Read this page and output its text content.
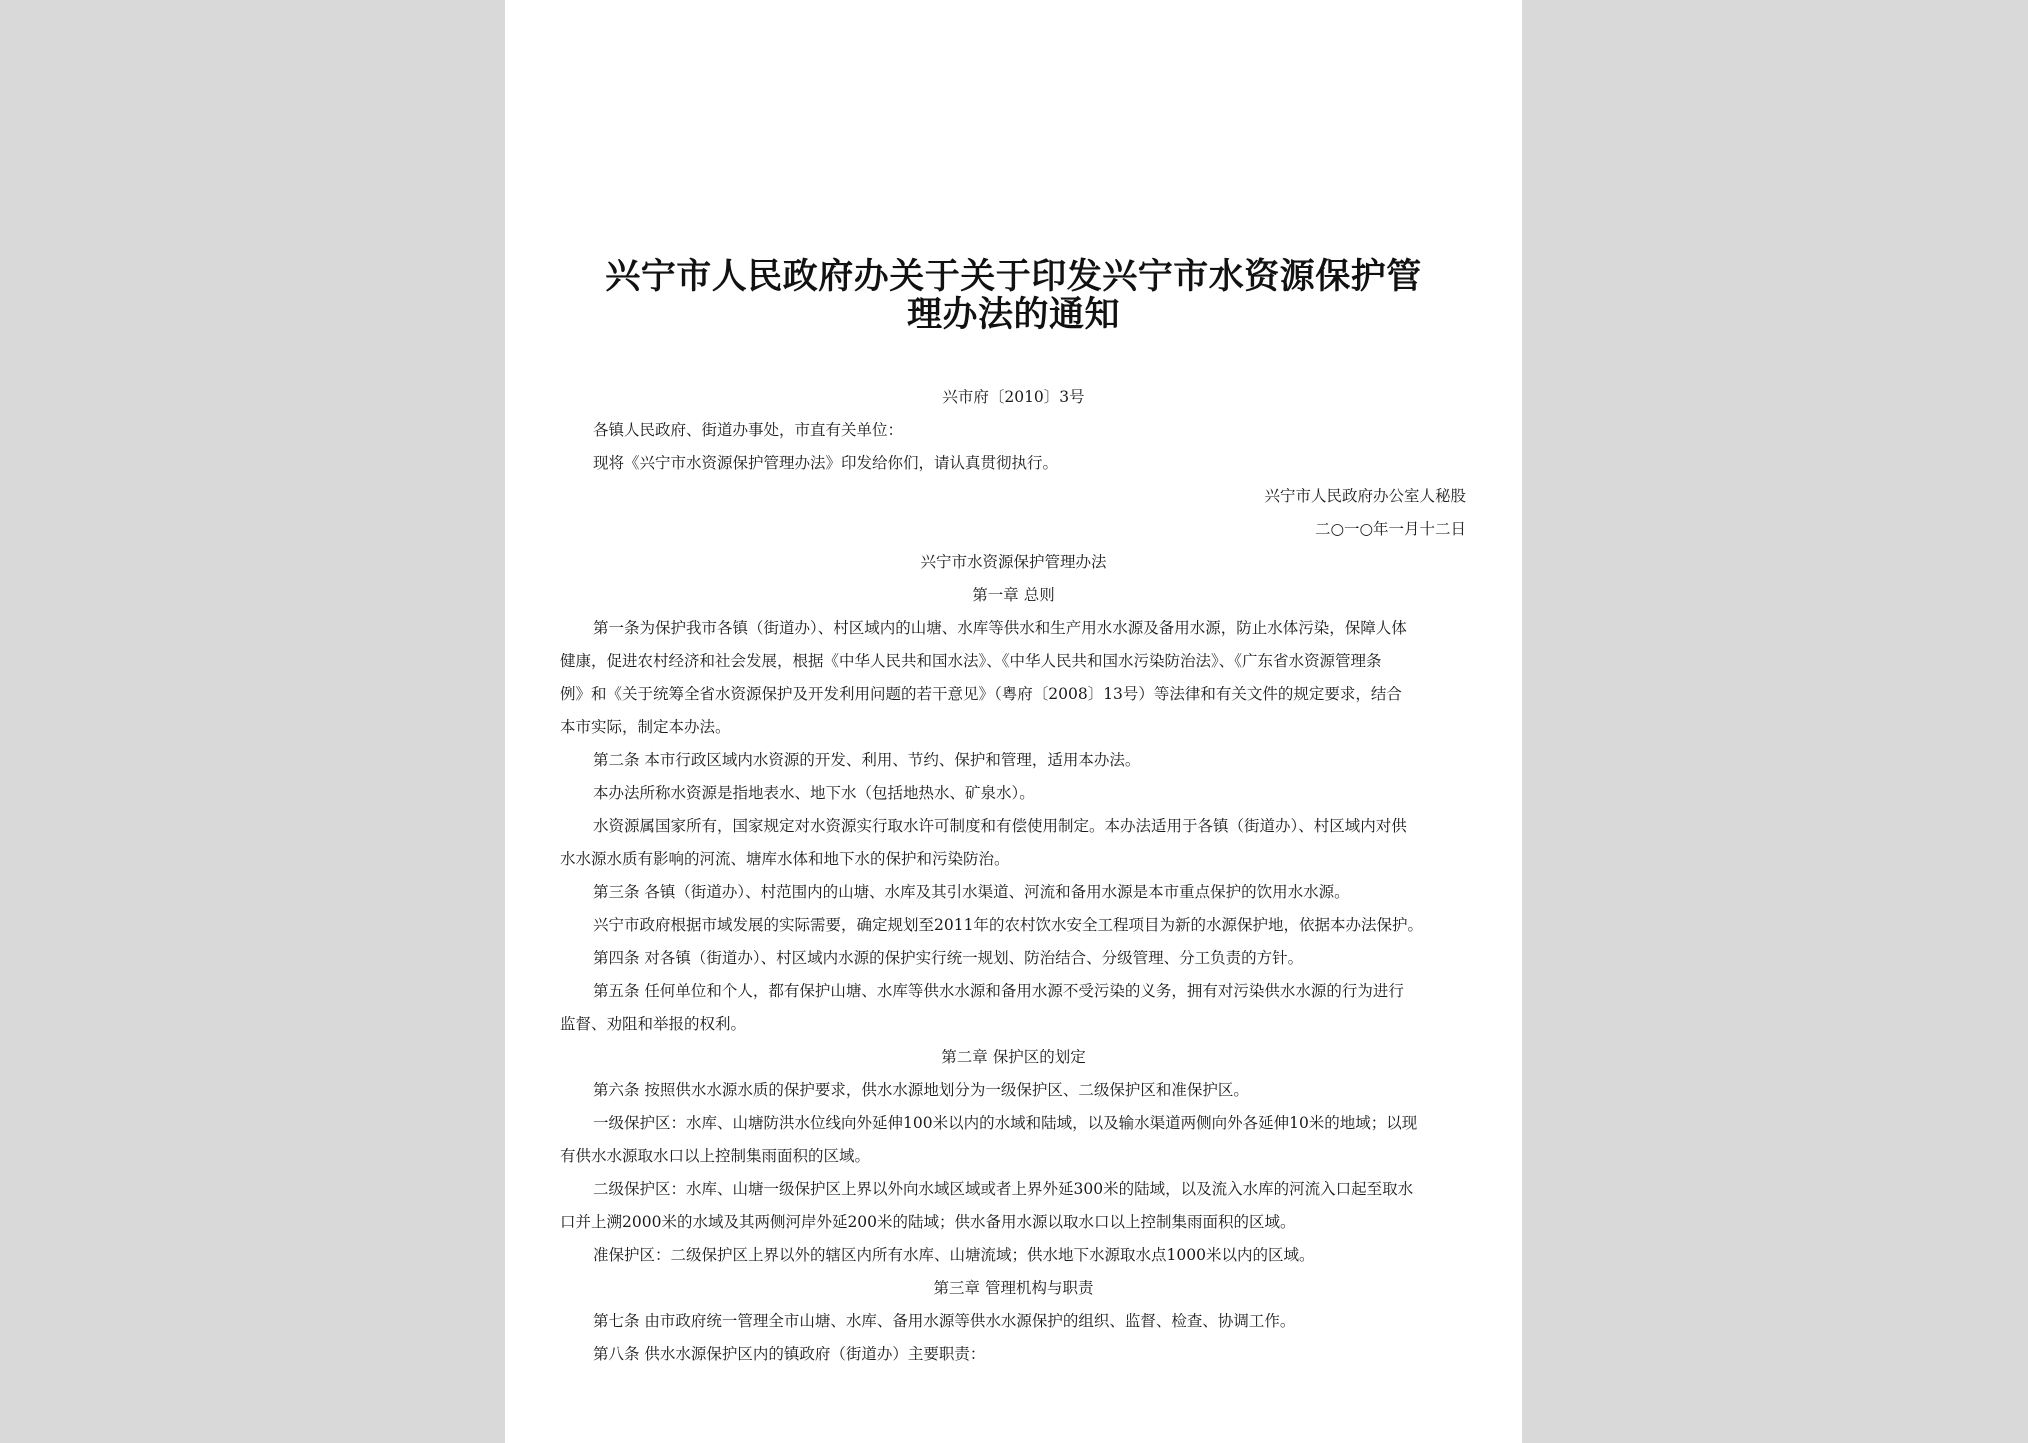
兴宁市人民政府办关于关于印发兴宁市水资源保护管
理办法的通知
兴市府〔2010〕3号
各镇人民政府、街道办事处，市直有关单位：
现将《兴宁市水资源保护管理办法》印发给你们，请认真贯彻执行。
兴宁市人民政府办公室人秘股
二○一○年一月十二日
兴宁市水资源保护管理办法
第一章 总则
第一条为保护我市各镇（街道办）、村区域内的山塘、水库等供水和生产用水水源及备用水源，防止水体污染，保障人体
健康，促进农村经济和社会发展，根据《中华人民共和国水法》、《中华人民共和国水污染防治法》、《广东省水资源管理条
例》和《关于统筹全省水资源保护及开发利用问题的若干意见》（粤府〔2008〕13号）等法律和有关文件的规定要求，结合
本市实际，制定本办法。
第二条 本市行政区域内水资源的开发、利用、节约、保护和管理，适用本办法。
本办法所称水资源是指地表水、地下水（包括地热水、矿泉水）。
水资源属国家所有，国家规定对水资源实行取水许可制度和有偿使用制定。本办法适用于各镇（街道办）、村区域内对供
水水源水质有影响的河流、塘库水体和地下水的保护和污染防治。
第三条 各镇（街道办）、村范围内的山塘、水库及其引水渠道、河流和备用水源是本市重点保护的饮用水水源。
兴宁市政府根据市域发展的实际需要，确定规划至2011年的农村饮水安全工程项目为新的水源保护地，依据本办法保护。
第四条 对各镇（街道办）、村区域内水源的保护实行统一规划、防治结合、分级管理、分工负责的方针。
第五条 任何单位和个人，都有保护山塘、水库等供水水源和备用水源不受污染的义务，拥有对污染供水水源的行为进行
监督、劝阻和举报的权利。
第二章 保护区的划定
第六条 按照供水水源水质的保护要求，供水水源地划分为一级保护区、二级保护区和准保护区。
一级保护区：水库、山塘防洪水位线向外延伸100米以内的水域和陆域，以及输水渠道两侧向外各延伸10米的地域；以现
有供水水源取水口以上控制集雨面积的区域。
二级保护区：水库、山塘一级保护区上界以外向水域区域或者上界外延300米的陆域，以及流入水库的河流入口起至取水
口并上溯2000米的水域及其两侧河岸外延200米的陆域；供水备用水源以取水口以上控制集雨面积的区域。
准保护区：二级保护区上界以外的辖区内所有水库、山塘流域；供水地下水源取水点1000米以内的区域。
第三章 管理机构与职责
第七条 由市政府统一管理全市山塘、水库、备用水源等供水水源保护的组织、监督、检查、协调工作。
第八条 供水水源保护区内的镇政府（街道办）主要职责：
